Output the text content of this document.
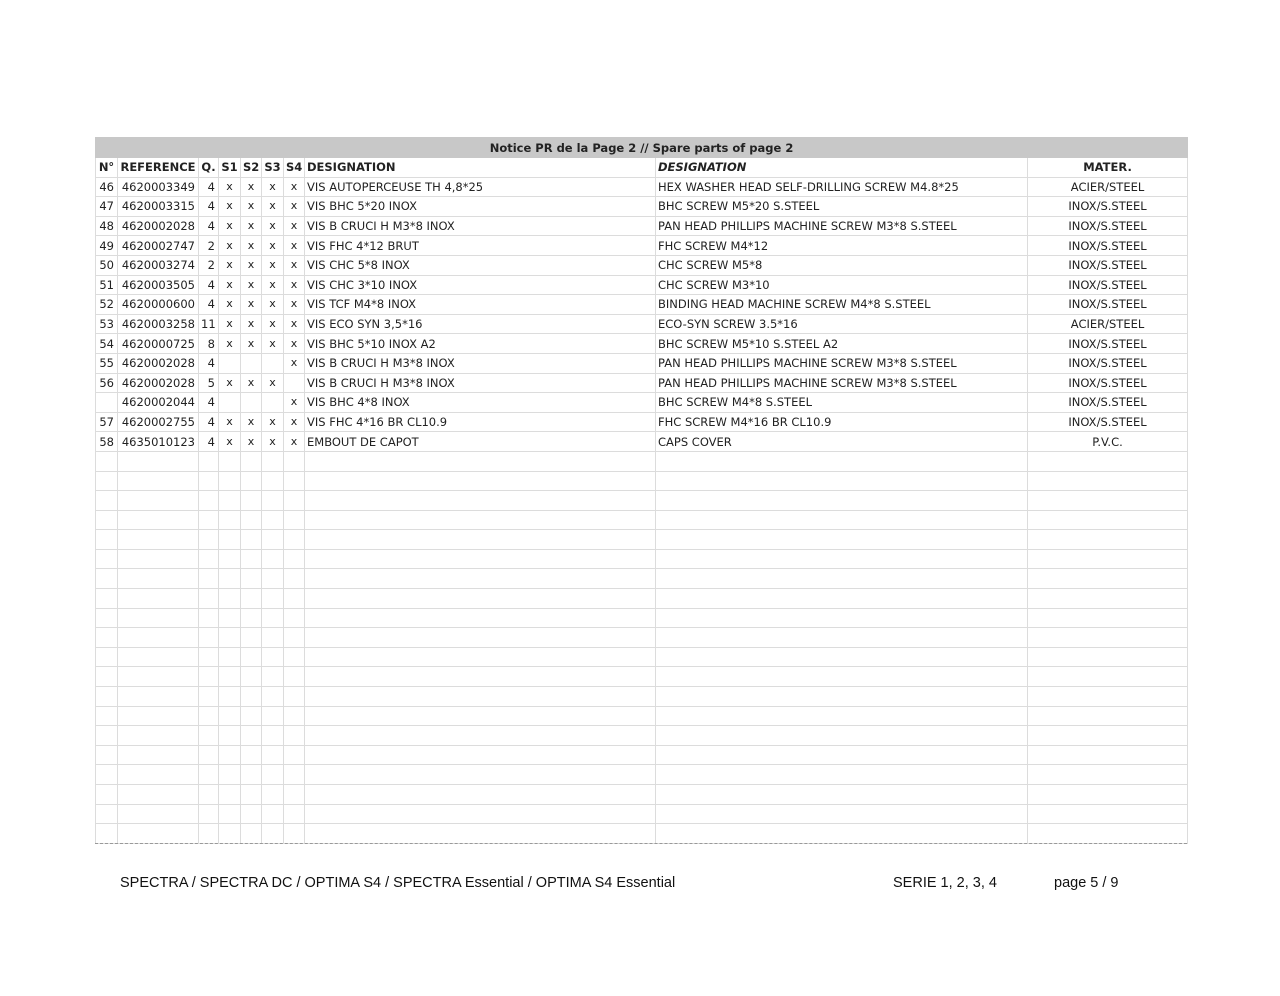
Notice PR de la Page 2 // Spare parts of page 2									
N°	REFERENCE	Q.	S1	S2	S3	S4	DESIGNATION	DESIGNATION	MATER.
46	4620003349	4	x	x	x	x	VIS AUTOPERCEUSE TH 4,8*25	HEX WASHER HEAD SELF-DRILLING SCREW M4.8*25	ACIER/STEEL
47	4620003315	4	x	x	x	x	VIS BHC 5*20 INOX	BHC SCREW M5*20 S.STEEL	INOX/S.STEEL
48	4620002028	4	x	x	x	x	VIS B CRUCI H M3*8 INOX	PAN HEAD PHILLIPS MACHINE SCREW M3*8 S.STEEL	INOX/S.STEEL
49	4620002747	2	x	x	x	x	VIS FHC 4*12 BRUT	FHC SCREW M4*12	INOX/S.STEEL
50	4620003274	2	x	x	x	x	VIS CHC 5*8 INOX	CHC SCREW M5*8	INOX/S.STEEL
51	4620003505	4	x	x	x	x	VIS CHC 3*10 INOX	CHC SCREW M3*10	INOX/S.STEEL
52	4620000600	4	x	x	x	x	VIS TCF M4*8 INOX	BINDING HEAD MACHINE SCREW M4*8 S.STEEL	INOX/S.STEEL
53	4620003258	11	x	x	x	x	VIS ECO SYN 3,5*16	ECO-SYN SCREW 3.5*16	ACIER/STEEL
54	4620000725	8	x	x	x	x	VIS BHC 5*10 INOX A2	BHC SCREW M5*10 S.STEEL A2	INOX/S.STEEL
55	4620002028	4				x	VIS B CRUCI H M3*8 INOX	PAN HEAD PHILLIPS MACHINE SCREW M3*8 S.STEEL	INOX/S.STEEL
56	4620002028	5	x	x	x		VIS B CRUCI H M3*8 INOX	PAN HEAD PHILLIPS MACHINE SCREW M3*8 S.STEEL	INOX/S.STEEL
	4620002044	4				x	VIS BHC 4*8 INOX	BHC SCREW M4*8 S.STEEL	INOX/S.STEEL
57	4620002755	4	x	x	x	x	VIS FHC 4*16 BR CL10.9	FHC SCREW M4*16 BR CL10.9	INOX/S.STEEL
58	4635010123	4	x	x	x	x	EMBOUT DE CAPOT	CAPS COVER	P.V.C.

SPECTRA / SPECTRA DC / OPTIMA S4 / SPECTRA Essential / OPTIMA S4 Essential	SERIE 1, 2, 3, 4	page 5 / 9
